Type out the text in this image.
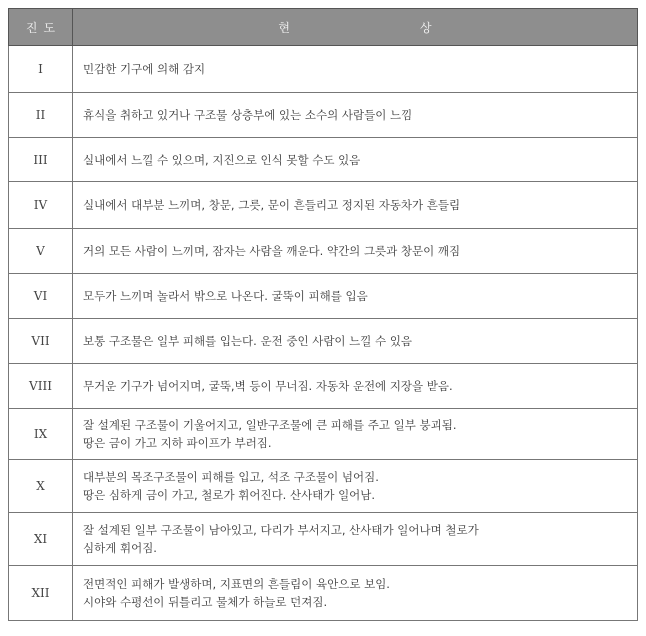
진 도	현 상

I	민감한 기구에 의해 감지

II	휴식을 취하고 있거나 구조물 상층부에 있는 소수의 사람들이 느낌

III	실내에서 느낄 수 있으며, 지진으로 인식 못할 수도 있음

IV	실내에서 대부분 느끼며, 창문, 그릇, 문이 흔들리고 정지된 자동차가 흔들림

V	거의 모든 사람이 느끼며, 잠자는 사람을 깨운다. 약간의 그릇과 창문이 깨짐

VI	모두가 느끼며 놀라서 밖으로 나온다. 굴뚝이 피해를 입음

VII	보통 구조물은 일부 피해를 입는다. 운전 중인 사람이 느낄 수 있음

VIII	무거운 기구가 넘어지며, 굴뚝,벽 등이 무너짐. 자동차 운전에 지장을 받음.

IX	잘 설계된 구조물이 기울어지고, 일반구조물에 큰 피해를 주고 일부 붕괴됨.
땅은 금이 가고 지하 파이프가 부러짐.

X	대부분의 목조구조물이 피해를 입고, 석조 구조물이 넘어짐.
땅은 심하게 금이 가고, 철로가 휘어진다. 산사태가 일어남.

XI	잘 설계된 일부 구조물이 남아있고, 다리가 부서지고, 산사태가 일어나며 철로가
심하게 휘어짐.

XII	전면적인 피해가 발생하며, 지표면의 흔들림이 육안으로 보임.
시야와 수평선이 뒤틀리고 물체가 하늘로 던져짐.
